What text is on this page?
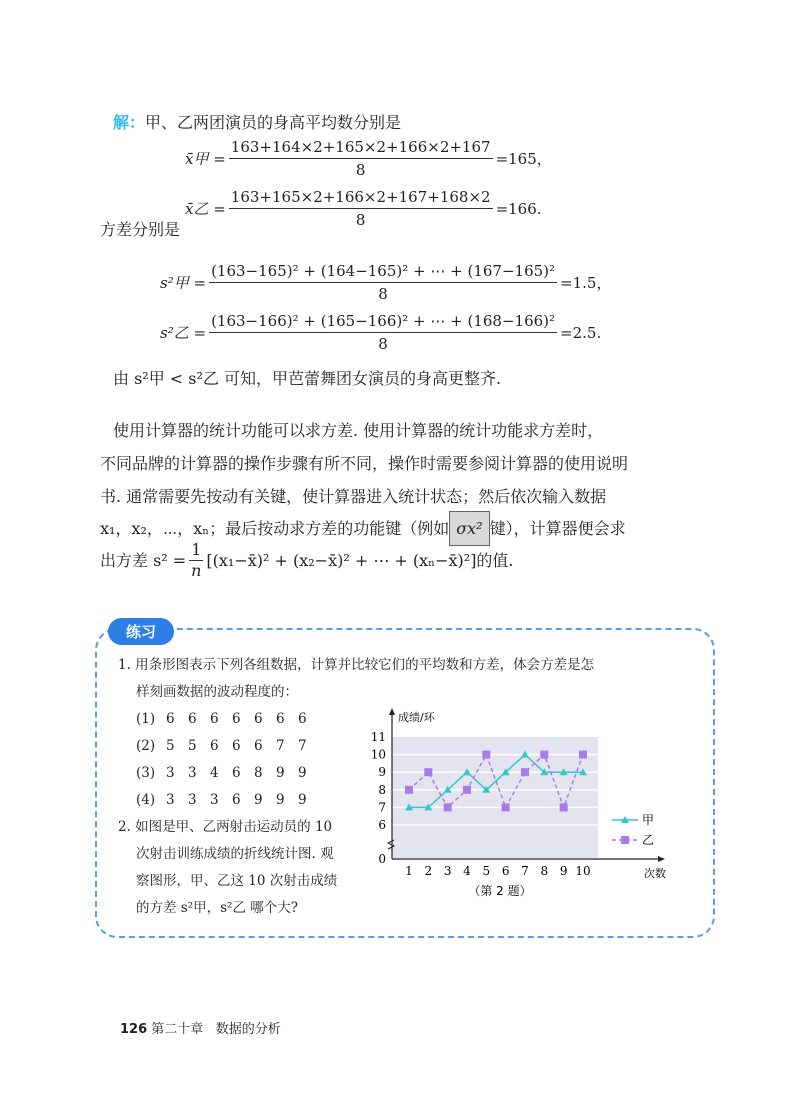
解：甲、乙两团演员的身高平均数分别是
x̄甲 = $\frac{163+164\times 2+165\times 2+166\times 2+167}{8} =165$，
x̄乙 = $\frac{163+165\times 2+166\times 2+167+168\times 2}{8} =166$.
方差分别是
s²甲 = $\frac{\text{(163−165)² + (164−165)² + ⋯ + (167−165)²}}{8} =1.5$，
s²乙 = $\frac{\text{(163−166)² + (165−166)² + ⋯ + (168−166)²}}{8} =2.5$.
由 s²甲 < s²乙 可知，甲芭蕾舞团女演员的身高更整齐.
使用计算器的统计功能可以求方差. 使用计算器的统计功能求方差时，
不同品牌的计算器的操作步骤有所不同，操作时需要参阅计算器的使用说明
书. 通常需要先按动有关键，使计算器进入统计状态；然后依次输入数据
x₁，x₂，⋯，xₙ；最后按动求方差的功能键（例如 σx² 键），计算器便会求
出方差 $s^2 = \frac{1}{n}$ [(x₁−x̄)² + (x₂−x̄)² + ⋯ + (xₙ−x̄)²]的值.
练习
1. 用条形图表示下列各组数据，计算并比较它们的平均数和方差，体会方差是怎
样刻画数据的波动程度的：
(1) 6 6 6 6 6 6 6
(2) 5 5 6 6 6 7 7
(3) 3 3 4 6 8 9 9
(4) 3 3 3 6 9 9 9
2. 如图是甲、乙两射击运动员的 10
次射击训练成绩的折线统计图. 观
察图形，甲、乙这 10 次射击成绩
的方差 s²甲，s²乙 哪个大?
0
6
7
8
9
10
11
1 2 3 4 5 6 7 8 9 10
成绩/环
次数
（第 2 题）
甲
乙
126 第二十章 数据的分析
